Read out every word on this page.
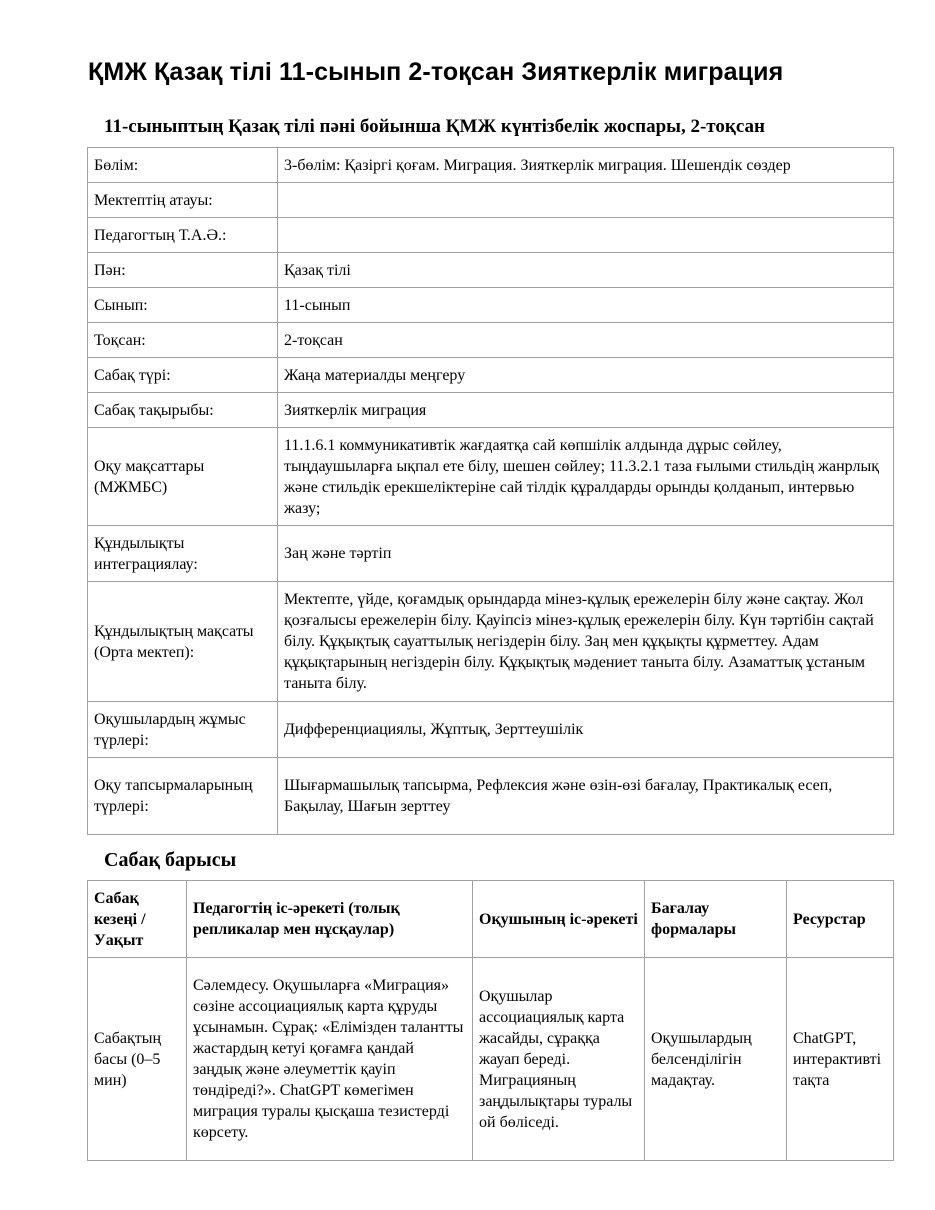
ҚМЖ Қазақ тілі 11-сынып 2-тоқсан Зияткерлік миграция
11-сыныптың Қазақ тілі пәні бойынша ҚМЖ күнтізбелік жоспары, 2-тоқсан
Бөлім:	3-бөлім: Қазіргі қоғам. Миграция. Зияткерлік миграция. Шешендік сөздер
Мектептің атауы:	
Педагогтың Т.А.Ә.:	
Пән:	Қазақ тілі
Сынып:	11-сынып
Тоқсан:	2-тоқсан
Сабақ түрі:	Жаңа материалды меңгеру
Сабақ тақырыбы:	Зияткерлік миграция
Оқу мақсаттары (МЖМБС)	11.1.6.1 коммуникативтік жағдаятқа сай көпшілік алдында дұрыс сөйлеу, тыңдаушыларға ықпал ете білу, шешен сөйлеу; 11.3.2.1 таза ғылыми стильдің жанрлық және стильдік ерекшеліктеріне сай тілдік құралдарды орынды қолданып, интервью жазу;
Құндылықты интеграциялау:	Заң және тәртіп
Құндылықтың мақсаты (Орта мектеп):	Мектепте, үйде, қоғамдық орындарда мінез-құлық ережелерін білу және сақтау. Жол қозғалысы ережелерін білу. Қауіпсіз мінез-құлық ережелерін білу. Күн тәртібін сақтай білу. Құқықтық сауаттылық негіздерін білу. Заң мен құқықты құрметтеу. Адам құқықтарының негіздерін білу. Құқықтық мәдениет таныта білу. Азаматтық ұстаным таныта білу.
Оқушылардың жұмыс түрлері:	Дифференциациялы, Жұптық, Зерттеушілік
Оқу тапсырмаларының түрлері:	Шығармашылық тапсырма, Рефлексия және өзін-өзі бағалау, Практикалық есеп, Бақылау, Шағын зерттеу
Сабақ барысы
Сабақ кезеңі / Уақыт	Педагогтің іс-әрекеті (толық репликалар мен нұсқаулар)	Оқушының іс-әрекеті	Бағалау формалары	Ресурстар
Сабақтың басы (0–5 мин)	Сәлемдесу. Оқушыларға «Миграция» сөзіне ассоциациялық карта құруды ұсынамын. Сұрақ: «Елімізден талантты жастардың кетуі қоғамға қандай заңдық және әлеуметтік қауіп төндіреді?». ChatGPT көмегімен миграция туралы қысқаша тезистерді көрсету.	Оқушылар ассоциациялық карта жасайды, сұраққа жауап береді. Миграцияның заңдылықтары туралы ой бөліседі.	Оқушылардың белсенділігін мадақтау.	ChatGPT, интерактивті тақта
